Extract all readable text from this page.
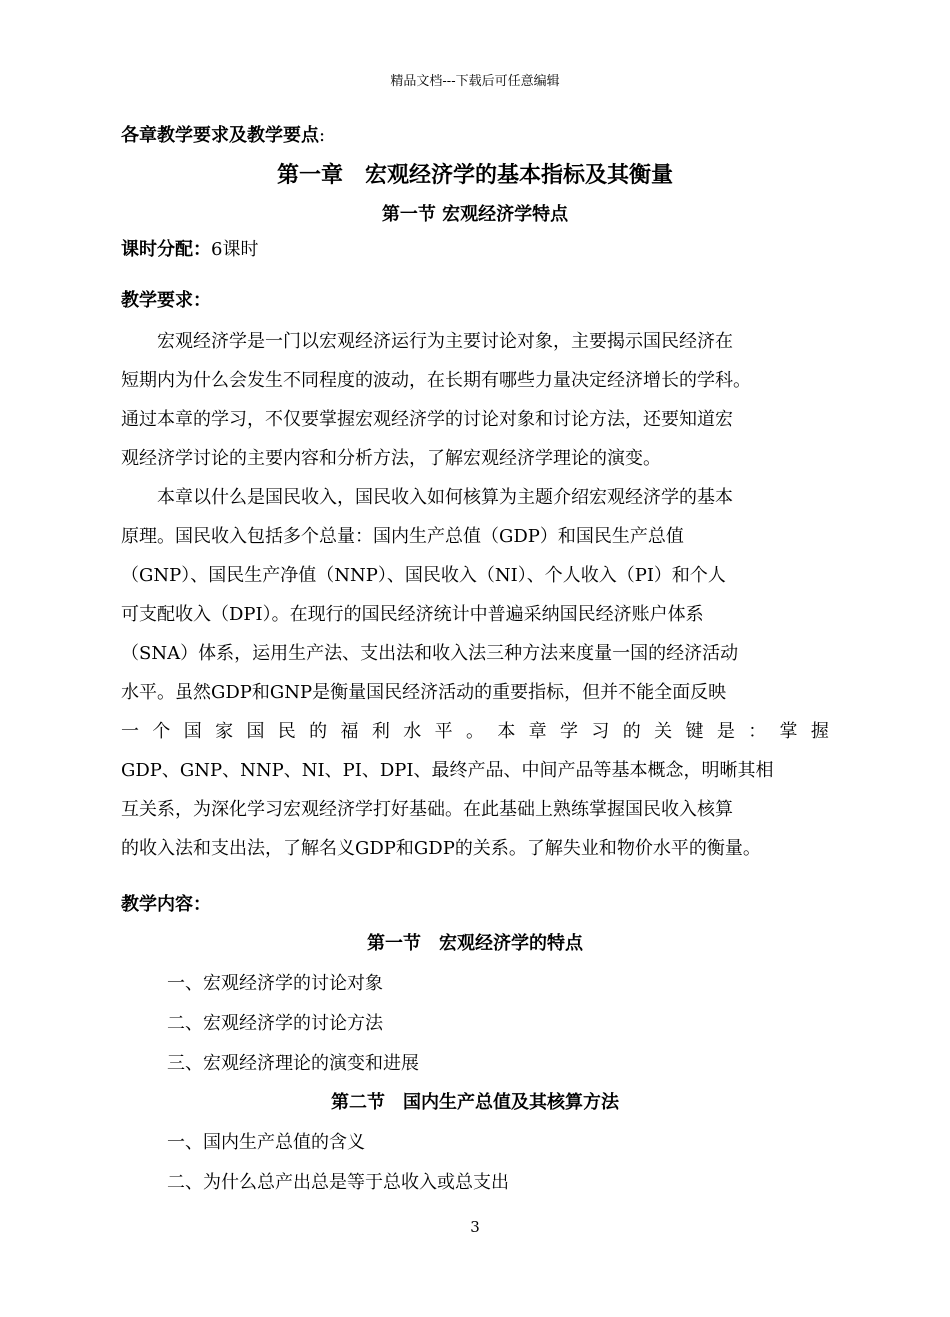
精品文档---下载后可任意编辑
各章教学要求及教学要点:
第一章　宏观经济学的基本指标及其衡量
第一节 宏观经济学特点
课时分配：6课时
教学要求：
　　宏观经济学是一门以宏观经济运行为主要讨论对象，主要揭示国民经济在
短期内为什么会发生不同程度的波动，在长期有哪些力量决定经济增长的学科。
通过本章的学习，不仅要掌握宏观经济学的讨论对象和讨论方法，还要知道宏
观经济学讨论的主要内容和分析方法，了解宏观经济学理论的演变。
　　本章以什么是国民收入，国民收入如何核算为主题介绍宏观经济学的基本
原理。国民收入包括多个总量：国内生产总值（GDP）和国民生产总值
（GNP）、国民生产净值（NNP）、国民收入（NI）、个人收入（PI）和个人
可支配收入（DPI）。在现行的国民经济统计中普遍采纳国民经济账户体系
（SNA）体系，运用生产法、支出法和收入法三种方法来度量一国的经济活动
水平。虽然GDP和GNP是衡量国民经济活动的重要指标，但并不能全面反映
一 个 国 家 国 民 的 福 利 水 平 。 本 章 学 习 的 关 键 是 ： 掌 握
GDP、GNP、NNP、NI、PI、DPI、最终产品、中间产品等基本概念，明晰其相
互关系，为深化学习宏观经济学打好基础。在此基础上熟练掌握国民收入核算
的收入法和支出法，了解名义GDP和GDP的关系。了解失业和物价水平的衡量。
教学内容：
第一节　宏观经济学的特点
一、宏观经济学的讨论对象
二、宏观经济学的讨论方法
三、宏观经济理论的演变和进展
第二节　国内生产总值及其核算方法
一、国内生产总值的含义
二、为什么总产出总是等于总收入或总支出
3
